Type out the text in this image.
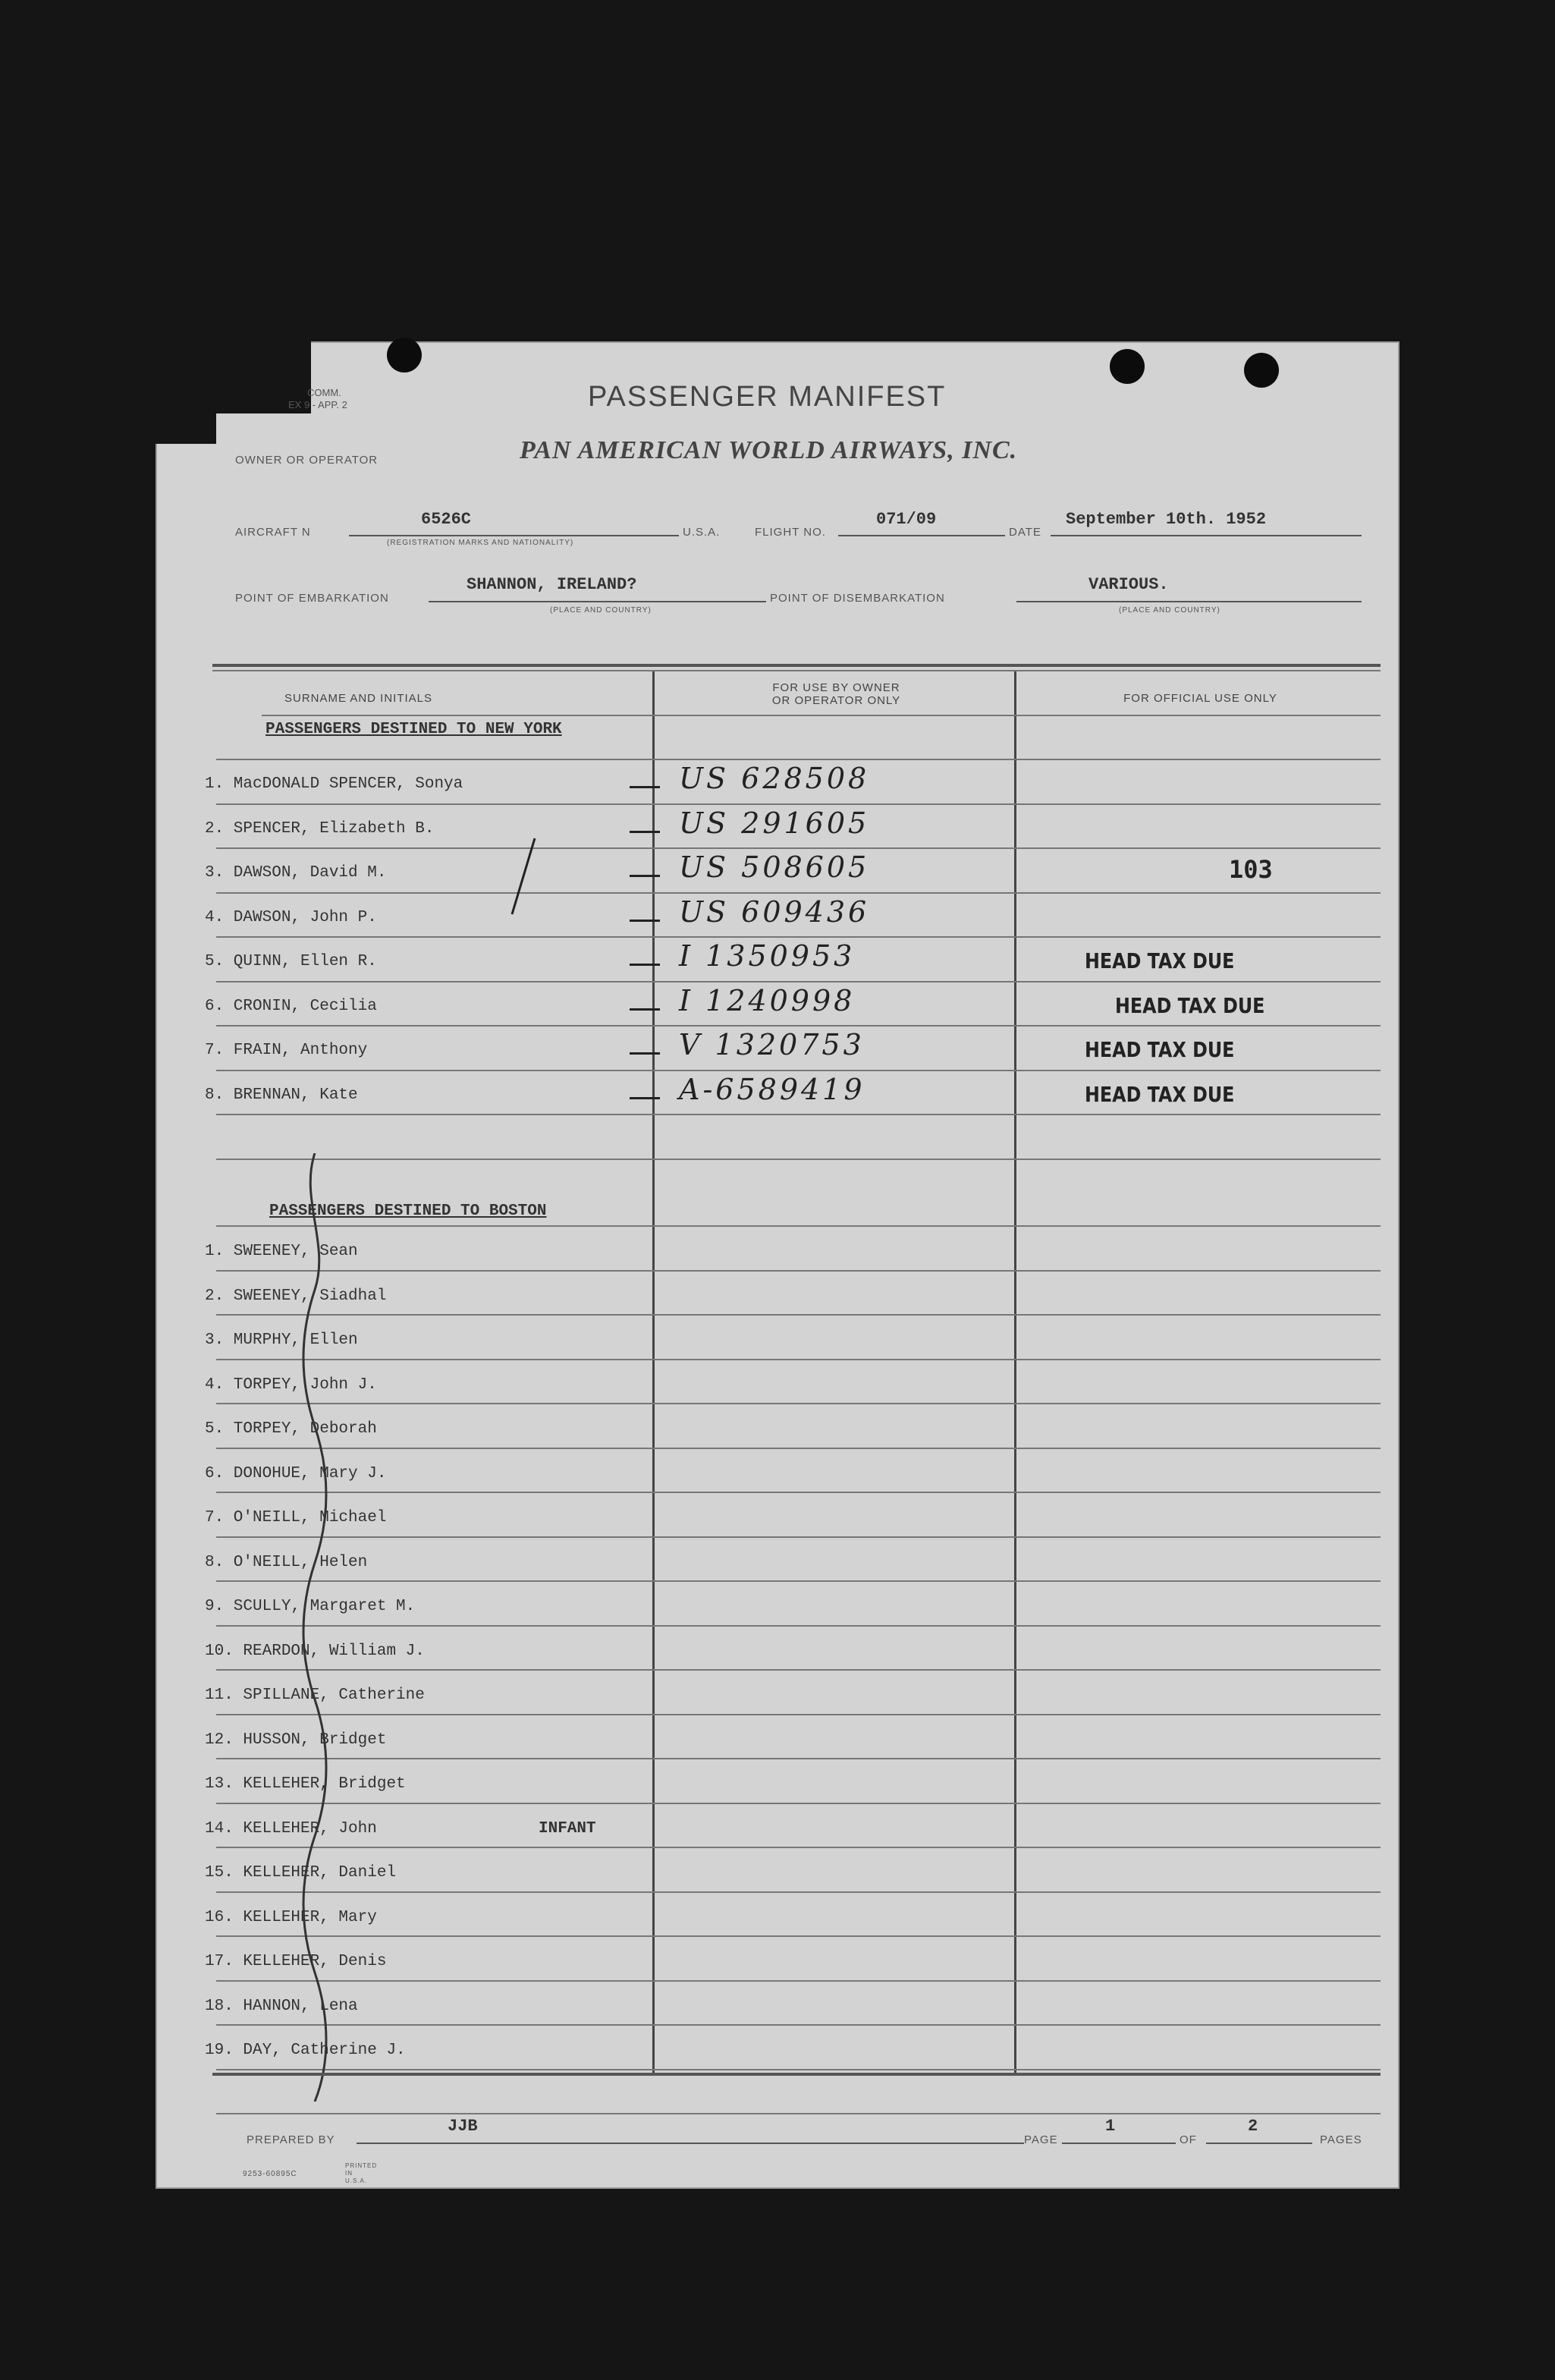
COMM.
EX 9 - APP. 2	PASSENGER MANIFEST
OWNER OR OPERATOR	PAN AMERICAN WORLD AIRWAYS, INC.
AIRCRAFT N
6526C
(REGISTRATION MARKS AND NATIONALITY)
U.S.A.	FLIGHT NO.
071/09
DATE
September 10th. 1952
POINT OF EMBARKATION
SHANNON, IRELAND?
(PLACE AND COUNTRY)
POINT OF DISEMBARKATION
VARIOUS.
(PLACE AND COUNTRY)
SURNAME AND INITIALS
FOR USE BY OWNER
OR OPERATOR ONLY	FOR OFFICIAL USE ONLY
PASSENGERS DESTINED TO NEW YORK
1. MacDONALD SPENCER, Sonya	US 628508
2. SPENCER, Elizabeth B.	US 291605
3. DAWSON, David M.	US 508605	103
4. DAWSON, John P.	US 609436
5. QUINN, Ellen R.	I 1350953	HEAD TAX DUE
6. CRONIN, Cecilia	I 1240998	HEAD TAX DUE
7. FRAIN, Anthony	V 1320753	HEAD TAX DUE
8. BRENNAN, Kate	A-6589419	HEAD TAX DUE
PASSENGERS DESTINED TO BOSTON
1. SWEENEY, Sean
2. SWEENEY, Siadhal
3. MURPHY, Ellen
4. TORPEY, John J.
5. TORPEY, Deborah
6. DONOHUE, Mary J.
7. O'NEILL, Michael
8. O'NEILL, Helen
9. SCULLY, Margaret M.
10. REARDON, William J.
11. SPILLANE, Catherine
12. HUSSON, Bridget
13. KELLEHER, Bridget
14. KELLEHER, John	INFANT
15. KELLEHER, Daniel
16. KELLEHER, Mary
17. KELLEHER, Denis
18. HANNON, Lena
19. DAY, Catherine J.
PREPARED BY
JJB
PAGE
1
OF
2
PAGES
9253-60895C
PRINTED IN U.S.A.
